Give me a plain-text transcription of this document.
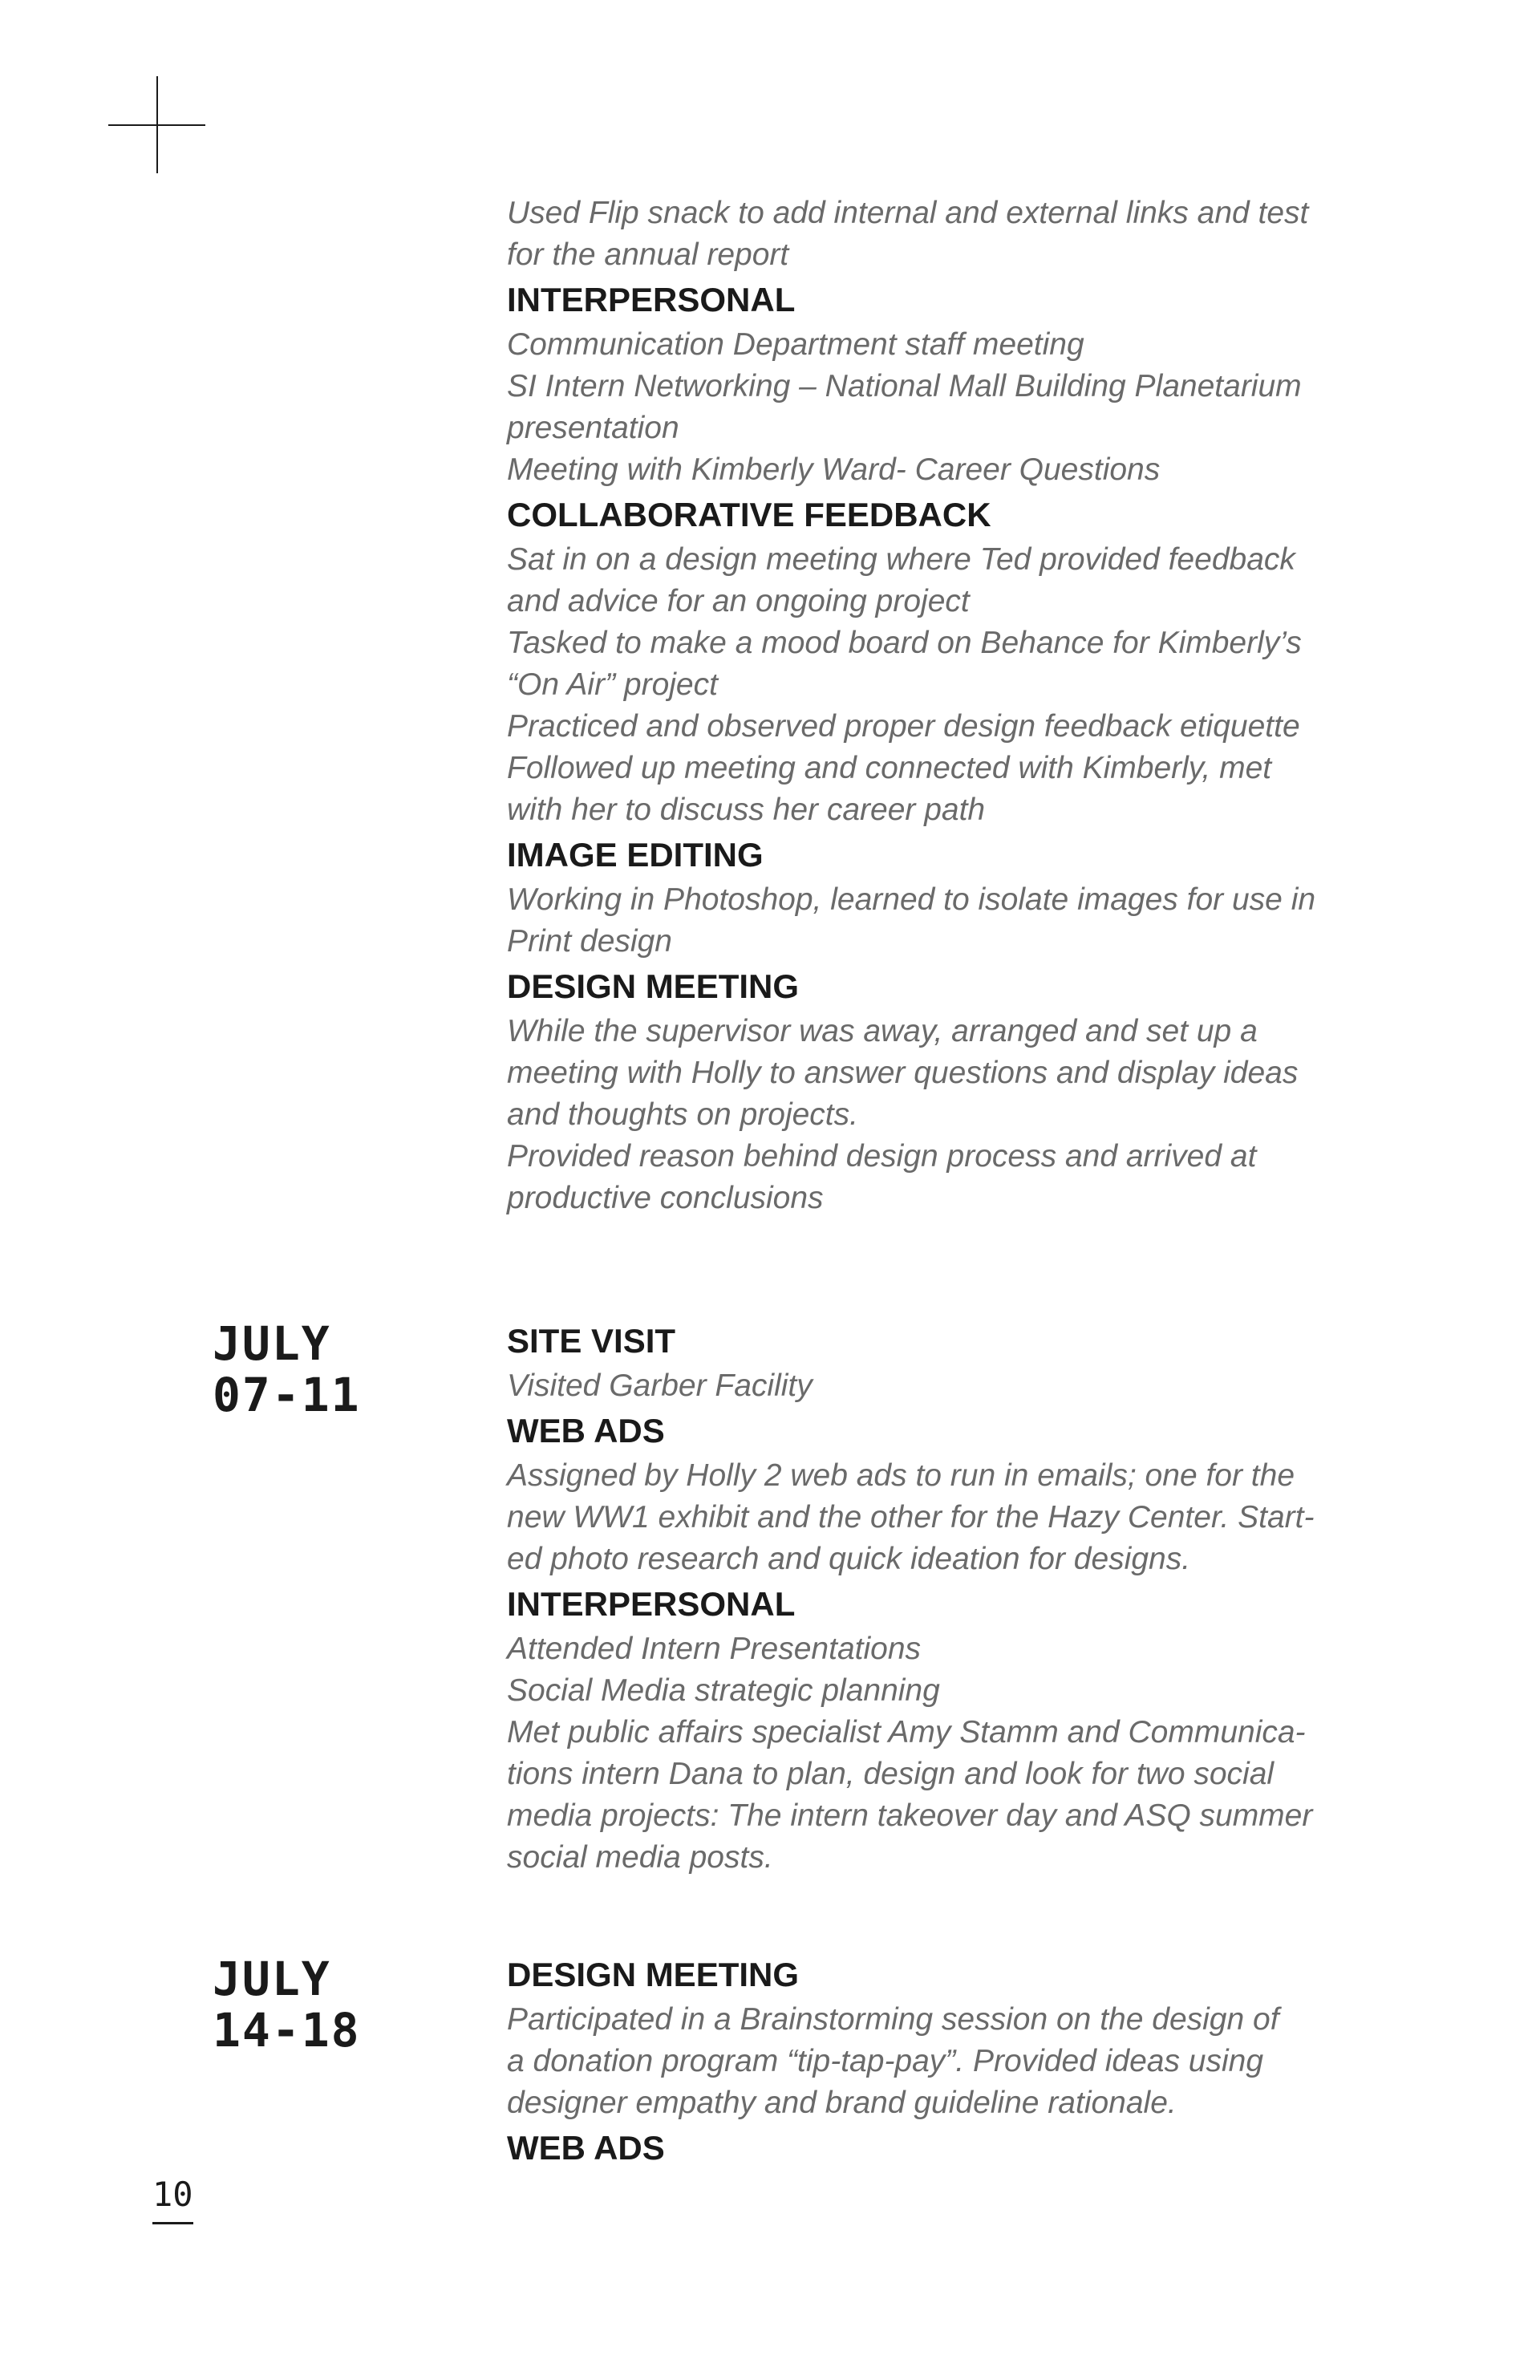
Used Flip snack to add internal and external links and test
for the annual report
INTERPERSONAL
Communication Department staff meeting
SI Intern Networking – National Mall Building Planetarium
presentation
Meeting with Kimberly Ward- Career Questions
COLLABORATIVE FEEDBACK
Sat in on a design meeting where Ted provided feedback
and advice for an ongoing project
Tasked to make a mood board on Behance for Kimberly’s
“On Air” project
Practiced and observed proper design feedback etiquette
Followed up meeting and connected with Kimberly, met
with her to discuss her career path
IMAGE EDITING
Working in Photoshop, learned to isolate images for use in
Print design
DESIGN MEETING
While the supervisor was away, arranged and set up a
meeting with Holly to answer questions and display ideas
and thoughts on projects.
Provided reason behind design process and arrived at
productive conclusions
JULY
07-11
SITE VISIT
Visited Garber Facility
WEB ADS
Assigned by Holly 2 web ads to run in emails; one for the
new WW1 exhibit and the other for the Hazy Center. Start-
ed photo research and quick ideation for designs.
INTERPERSONAL
Attended Intern Presentations
Social Media strategic planning
Met public affairs specialist Amy Stamm and Communica-
tions intern Dana to plan, design and look for two social
media projects: The intern takeover day and ASQ summer
social media posts.
JULY
14-18
DESIGN MEETING
Participated in a Brainstorming session on the design of
a donation program “tip-tap-pay”. Provided ideas using
designer empathy and brand guideline rationale.
WEB ADS
10
